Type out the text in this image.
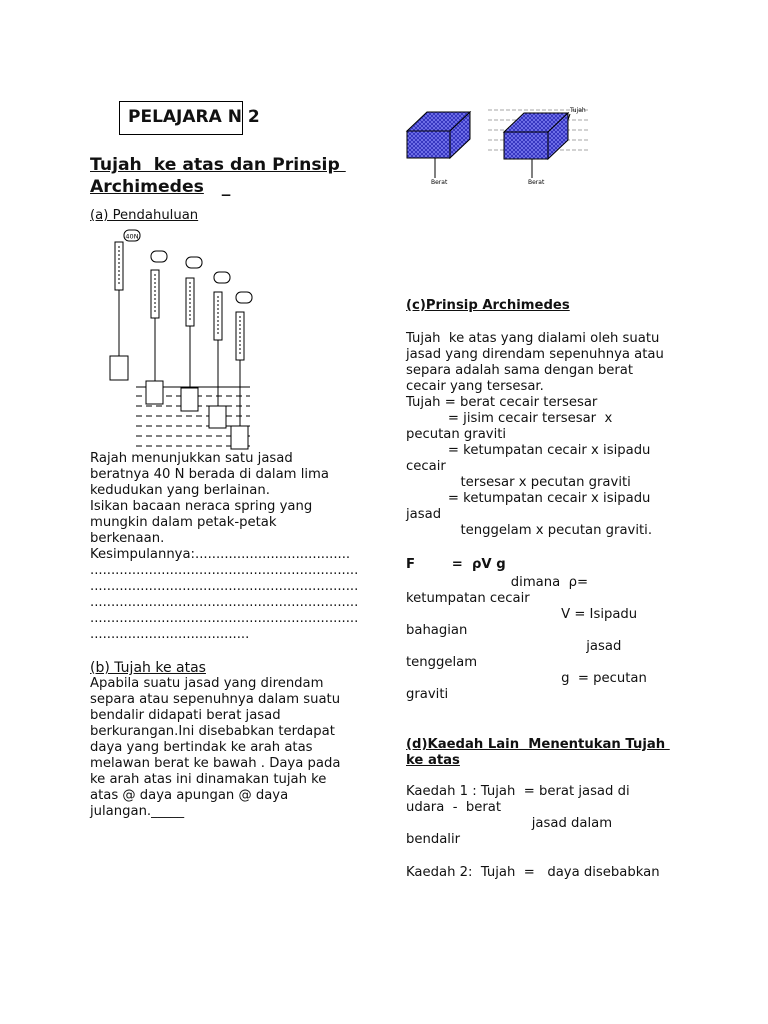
PELAJARA N 2
Tujah  ke atas dan Prinsip
Archimedes   _
(a) Pendahuluan
40N
Rajah menunjukkan satu jasad
beratnya 40 N berada di dalam lima
kedudukan yang berlainan.
Isikan bacaan neraca spring yang
mungkin dalam petak-petak
berkenaan.
Kesimpulannya:.....................................
................................................................
................................................................
................................................................
................................................................
......................................
(b) Tujah ke atas
Apabila suatu jasad yang direndam
separa atau sepenuhnya dalam suatu
bendalir didapati berat jasad
berkurangan.Ini disebabkan terdapat
daya yang bertindak ke arah atas
melawan berat ke bawah . Daya pada
ke arah atas ini dinamakan tujah ke
atas @ daya apungan @ daya
julangan._____
Berat	Berat
Tujah
(c)Prinsip Archimedes
Tujah  ke atas yang dialami oleh suatu
jasad yang direndam sepenuhnya atau
separa adalah sama dengan berat
cecair yang tersesar.
Tujah = berat cecair tersesar
= jisim cecair tersesar  x
pecutan graviti
= ketumpatan cecair x isipadu
cecair
tersesar x pecutan graviti
= ketumpatan cecair x isipadu
jasad
tenggelam x pecutan graviti.
F        =  ρV g
dimana  ρ=
ketumpatan cecair
V = Isipadu
bahagian
jasad
tenggelam
g  = pecutan
graviti
(d)Kaedah Lain  Menentukan Tujah
ke atas
Kaedah 1 : Tujah  = berat jasad di
udara  -  berat
jasad dalam
bendalir
Kaedah 2:  Tujah  =   daya disebabkan
